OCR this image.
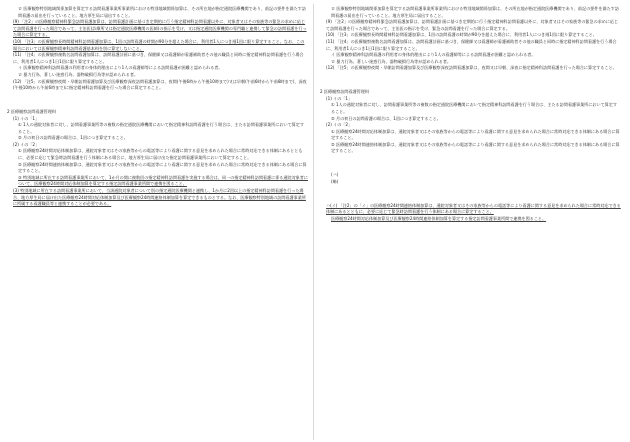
ロ 医療観察特別地域関係加算を算定する訪問看護事業所事業所における特別地域関係加算は、その所在地が指定通院医療機関であり、前記の要件を満たす訪問看護の届出を行っていること。地方厚生局に届出すること。

(9) 「注2」の医療観察精神科緊急訪問看護加算は、訪問看護計画に基づき定期的に行う指定精神科訪問看護以外に、対象者又はその家族等の緊急の求めに応じて訪問看護を行った場合であって、主治医(診療所又は指定通院医療機関の医師)の指示を受け、又は指定通院医療機関の専門職と連携して緊急の訪問看護を行った場合に算定する。

(10) 「注3」の医療観察長時間精神科訪問看護加算は、1回の訪問看護の時間が90分を超えた場合に、利用者1人につき週1回に限り算定すること。なお、この場合においては医療観察精神科訪問看護基本料を別に算定しないこと。

(11) 「注4」の医療観察複数名訪問看護加算は、訪問看護計画に基づき、保健師又は看護師が看護補助者その他の職員と同時に指定精神科訪問看護を行う場合に、利用者1人につき1日1回に限り算定すること。

イ 医療観察精神科訪問看護の利用者の身体的理由により1人の看護師等による訪問看護が困難と認められる者。

ロ 暴力行為、著しい迷惑行為、器物破損行為等が認められる者。

(12) 「注5」の医療観察夜間・早朝訪問看護加算及び医療観察深夜訪問看護加算は、夜間(午後6時から午後10時まで)又は早朝(午前6時から午前8時まで)、深夜(午後10時から午前6時まで)に指定精神科訪問看護を行った場合に算定すること。

2 医療観察訪問看護管理料

(1) イの「1」

① 1人の通院対象者に対し、訪問看護事業所等の複数の指定通院医療機関において指定精神科訪問看護を行う場合は、主たる訪問看護事業所において算定すること。

② 月の初日の訪問看護の場合は、1回につき算定すること。

(2) イの「2」

① 医療観察24時間対応体制加算は、通院対象者又はその家族等からの電話等により看護に関する意見を求められた場合に常時対応できる体制にあるとともに、必要に応じて緊急時訪問看護を行う体制にある場合に、地方厚生局に届け出た指定訪問看護事業所において算定すること。

② 医療観察24時間連絡体制加算は、通院対象者又はその家族等からの電話等により看護に関する意見を求められた場合に常時対応できる体制にある場合に算定すること。

③ 特別地域に所在する訪問看護事業所において、1か月の間に複数回の指定精神科訪問看護を実施する場合は、同一の指定精神科訪問看護に係る通院対象者について、医療観察24時間対応体制加算を算定する指定訪問看護事業所間で連携を図ること。

(3) 特別地域に所在する訪問看護事業所において、当該通院対象者について別の指定通院医療機関と連携し、1か月に2回以上の指定精神科訪問看護を行った場合、地方厚生局に届け出た医療観察24時間対応体制加算及び医療観察24時間連絡体制加算を算定できるものとする。なお、医療観察特別地域の訪問看護事業所に所属する看護職員等と連携することが必要である。

ロ 医療観察特別地域関係加算を算定する訪問看護事業所事業所における特別地域関係加算は、その所在地が指定通院医療機関であり、前記の要件を満たす訪問看護の届出を行っていること。地方厚生局に届出すること。

(9) 「注2」の医療観察精神科緊急訪問看護加算は、訪問看護計画に基づき定期的に行う指定精神科訪問看護以外に、対象者又はその家族等の緊急の求めに応じて訪問看護を行った場合であって、主治医の指示を受け、緊急の訪問看護を行った場合に算定する。

(10) 「注3」の医療観察長時間精神科訪問看護加算は、1回の訪問看護の時間が90分を超えた場合に、利用者1人につき週1回に限り算定すること。

(11) 「注4」の医療観察複数名訪問看護加算は、訪問看護計画に基づき、保健師又は看護師が看護補助者その他の職員と同時に指定精神科訪問看護を行う場合に、利用者1人につき1日1回に限り算定すること。

イ 医療観察精神科訪問看護の利用者の身体的理由により1人の看護師等による訪問看護が困難と認められる者。

ロ 暴力行為、著しい迷惑行為、器物破損行為等が認められる者。

(12) 「注5」の医療観察夜間・早朝訪問看護加算及び医療観察深夜訪問看護加算は、夜間又は早朝、深夜に指定精神科訪問看護を行った場合に算定すること。

2 医療観察訪問看護管理料

(1) イの「1」

① 1人の通院対象者に対し、訪問看護事業所等の複数の指定通院医療機関において指定精神科訪問看護を行う場合は、主たる訪問看護事業所において算定すること。

② 月の初日の訪問看護の場合は、1回につき算定すること。

(2) イの「2」

① 医療観察24時間対応体制加算は、通院対象者又はその家族等からの電話等により看護に関する意見を求められた場合に常時対応できる体制にある場合に算定すること。

② 医療観察24時間連絡体制加算は、通院対象者又はその家族等からの電話等により看護に関する意見を求められた場合に常時対応できる体制にある場合に算定すること。

(ハ)

(略)

ハ(イ) 「注2」の「イ」の医療観察24時間連絡体制加算は、通院対象者又はその家族等からの電話等により看護に関する意見を求められた場合に常時対応できる体制にあるとともに、必要に応じて緊急時訪問看護を行う体制にある場合に算定すること。

医療観察24時間対応体制加算及び医療観察24時間連絡体制加算を算定する指定訪問看護事業所間で連携を図ること。
